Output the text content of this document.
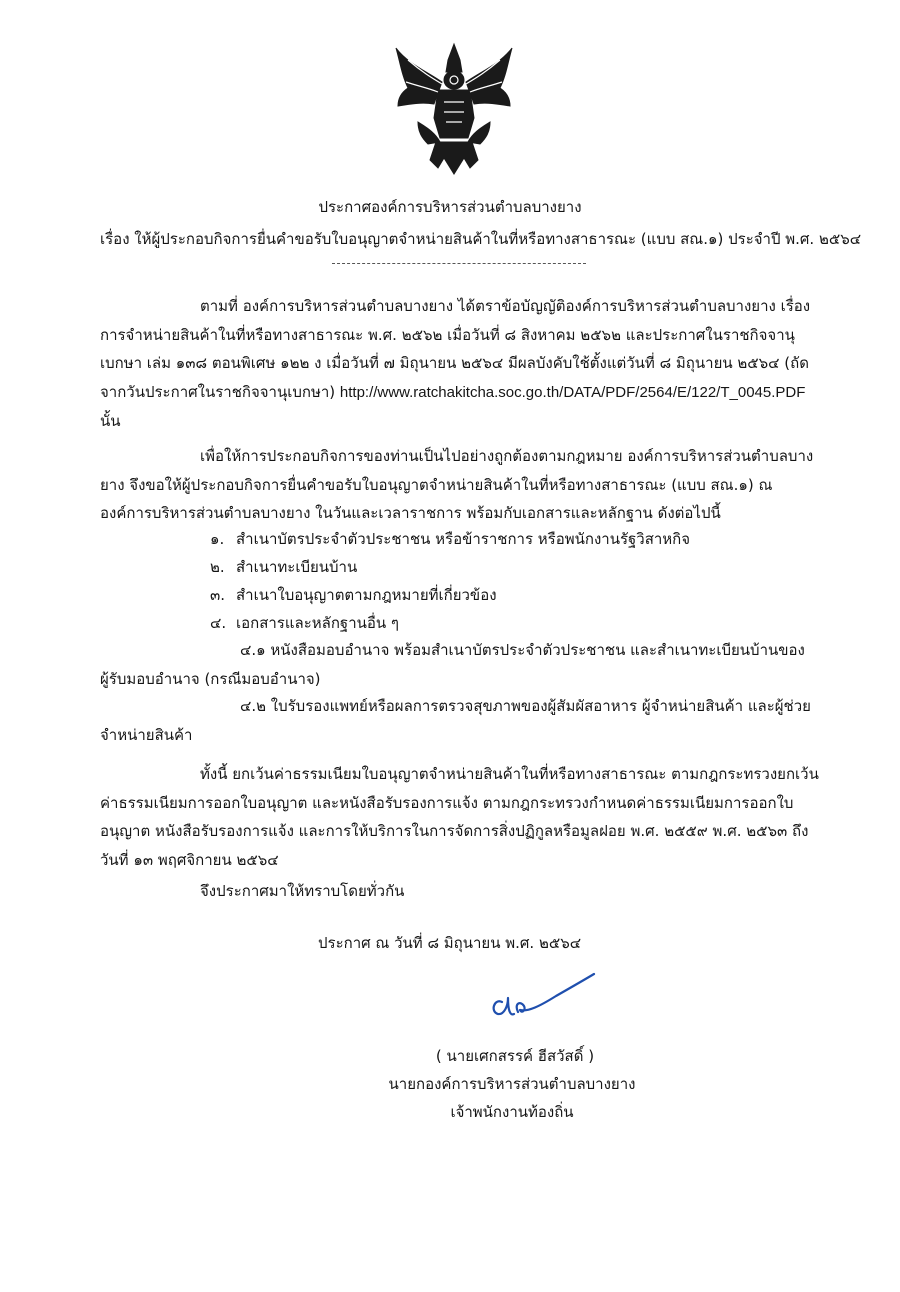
ประกาศองค์การบริหารส่วนตำบลบางยาง
เรื่อง ให้ผู้ประกอบกิจการยื่นคำขอรับใบอนุญาตจำหน่ายสินค้าในที่หรือทางสาธารณะ (แบบ สณ.๑) ประจำปี พ.ศ. ๒๕๖๔
ตามที่ องค์การบริหารส่วนตำบลบางยาง ได้ตราข้อบัญญัติองค์การบริหารส่วนตำบลบางยาง เรื่อง การจำหน่ายสินค้าในที่หรือทางสาธารณะ พ.ศ. ๒๕๖๒ เมื่อวันที่ ๘ สิงหาคม ๒๕๖๒ และประกาศในราชกิจจานุเบกษา เล่ม ๑๓๘ ตอนพิเศษ ๑๒๒ ง เมื่อวันที่ ๗ มิถุนายน ๒๕๖๔ มีผลบังคับใช้ตั้งแต่วันที่ ๘ มิถุนายน ๒๕๖๔ (ถัดจากวันประกาศในราชกิจจานุเบกษา) http://www.ratchakitcha.soc.go.th/DATA/PDF/2564/E/122/T_0045.PDF นั้น
เพื่อให้การประกอบกิจการของท่านเป็นไปอย่างถูกต้องตามกฎหมาย องค์การบริหารส่วนตำบลบางยาง จึงขอให้ผู้ประกอบกิจการยื่นคำขอรับใบอนุญาตจำหน่ายสินค้าในที่หรือทางสาธารณะ (แบบ สณ.๑) ณ องค์การบริหารส่วนตำบลบางยาง ในวันและเวลาราชการ พร้อมกับเอกสารและหลักฐาน ดังต่อไปนี้
๑. สำเนาบัตรประจำตัวประชาชน หรือข้าราชการ หรือพนักงานรัฐวิสาหกิจ
๒. สำเนาทะเบียนบ้าน
๓. สำเนาใบอนุญาตตามกฎหมายที่เกี่ยวข้อง
๔. เอกสารและหลักฐานอื่น ๆ
๔.๑ หนังสือมอบอำนาจ พร้อมสำเนาบัตรประจำตัวประชาชน และสำเนาทะเบียนบ้านของผู้รับมอบอำนาจ (กรณีมอบอำนาจ)
๔.๒ ใบรับรองแพทย์หรือผลการตรวจสุขภาพของผู้สัมผัสอาหาร ผู้จำหน่ายสินค้า และผู้ช่วยจำหน่ายสินค้า
ทั้งนี้ ยกเว้นค่าธรรมเนียมใบอนุญาตจำหน่ายสินค้าในที่หรือทางสาธารณะ ตามกฎกระทรวงยกเว้นค่าธรรมเนียมการออกใบอนุญาต และหนังสือรับรองการแจ้ง ตามกฎกระทรวงกำหนดค่าธรรมเนียมการออกใบอนุญาต หนังสือรับรองการแจ้ง และการให้บริการในการจัดการสิ่งปฏิกูลหรือมูลฝอย พ.ศ. ๒๕๕๙ พ.ศ. ๒๕๖๓ ถึงวันที่ ๑๓ พฤศจิกายน ๒๕๖๔
จึงประกาศมาให้ทราบโดยทั่วกัน
ประกาศ ณ วันที่ ๘ มิถุนายน พ.ศ. ๒๕๖๔
( นายเศกสรรค์ ฮีสวัสดิ์ )
นายกองค์การบริหารส่วนตำบลบางยาง
เจ้าพนักงานท้องถิ่น
